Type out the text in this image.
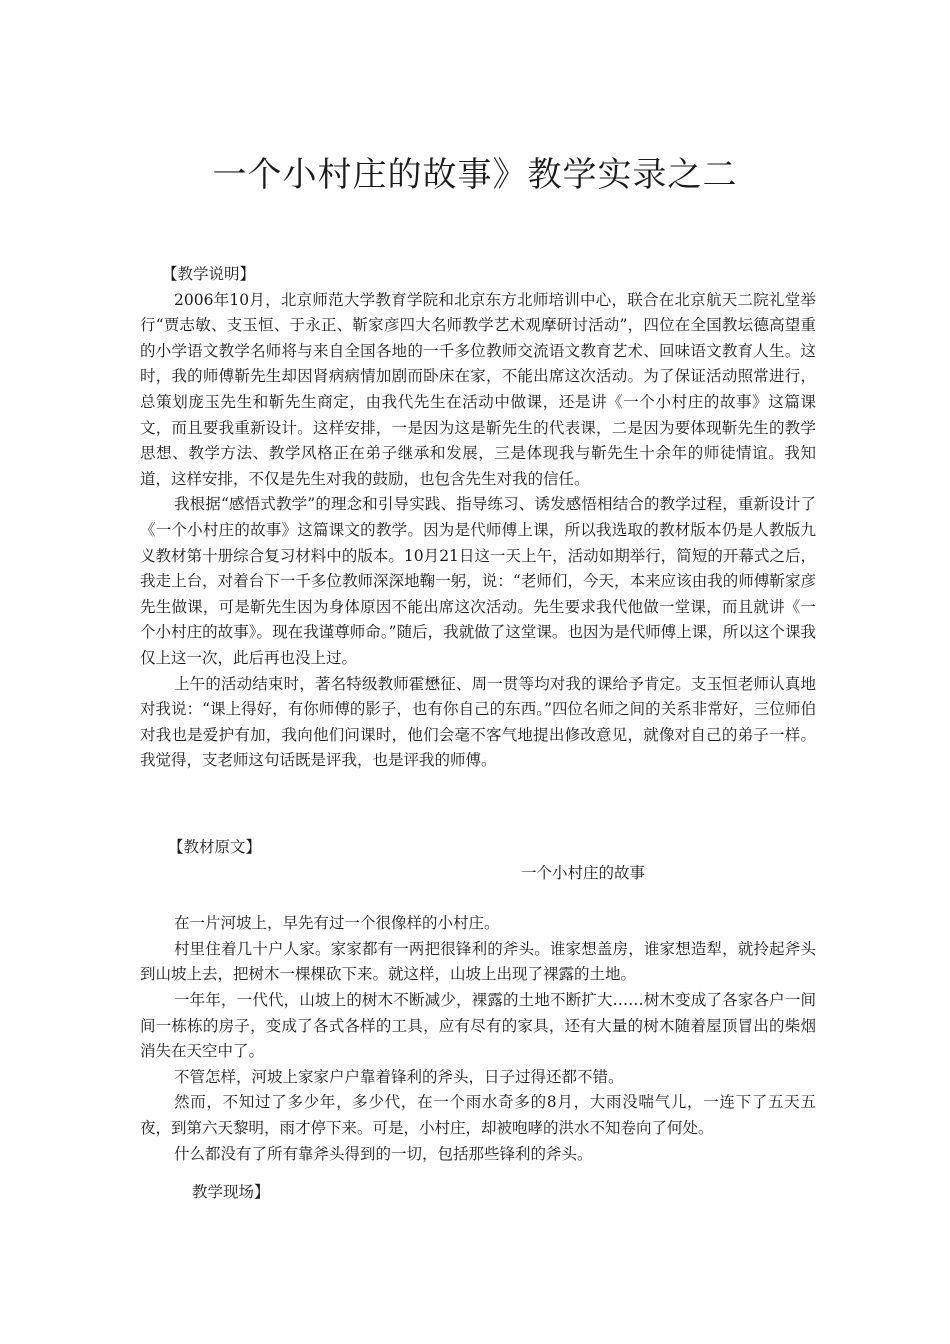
一个小村庄的故事》教学实录之二

【教学说明】

2006年10月，北京师范大学教育学院和北京东方北师培训中心，联合在北京航天二院礼堂举行“贾志敏、支玉恒、于永正、靳家彦四大名师教学艺术观摩研讨活动”，四位在全国教坛德高望重的小学语文教学名师将与来自全国各地的一千多位教师交流语文教育艺术、回味语文教育人生。这时，我的师傅靳先生却因肾病病情加剧而卧床在家，不能出席这次活动。为了保证活动照常进行，总策划庞玉先生和靳先生商定，由我代先生在活动中做课，还是讲《一个小村庄的故事》这篇课文，而且要我重新设计。这样安排，一是因为这是靳先生的代表课，二是因为要体现靳先生的教学思想、教学方法、教学风格正在弟子继承和发展，三是体现我与靳先生十余年的师徒情谊。我知道，这样安排，不仅是先生对我的鼓励，也包含先生对我的信任。

我根据“感悟式教学”的理念和引导实践、指导练习、诱发感悟相结合的教学过程，重新设计了《一个小村庄的故事》这篇课文的教学。因为是代师傅上课，所以我选取的教材版本仍是人教版九义教材第十册综合复习材料中的版本。10月21日这一天上午，活动如期举行，简短的开幕式之后，我走上台，对着台下一千多位教师深深地鞠一躬，说：“老师们，今天，本来应该由我的师傅靳家彦先生做课，可是靳先生因为身体原因不能出席这次活动。先生要求我代他做一堂课，而且就讲《一个小村庄的故事》。现在我谨尊师命。”随后，我就做了这堂课。也因为是代师傅上课，所以这个课我仅上这一次，此后再也没上过。

上午的活动结束时，著名特级教师霍懋征、周一贯等均对我的课给予肯定。支玉恒老师认真地对我说：“课上得好，有你师傅的影子，也有你自己的东西。”四位名师之间的关系非常好，三位师伯对我也是爱护有加，我向他们问课时，他们会毫不客气地提出修改意见，就像对自己的弟子一样。我觉得，支老师这句话既是评我，也是评我的师傅。

【教材原文】

一个小村庄的故事

在一片河坡上，早先有过一个很像样的小村庄。

村里住着几十户人家。家家都有一两把很锋利的斧头。谁家想盖房，谁家想造犁，就拎起斧头到山坡上去，把树木一棵棵砍下来。就这样，山坡上出现了裸露的土地。

一年年，一代代，山坡上的树木不断减少，裸露的土地不断扩大……树木变成了各家各户一间间一栋栋的房子，变成了各式各样的工具，应有尽有的家具，还有大量的树木随着屋顶冒出的柴烟消失在天空中了。

不管怎样，河坡上家家户户靠着锋利的斧头，日子过得还都不错。

然而，不知过了多少年，多少代，在一个雨水奇多的8月，大雨没喘气儿，一连下了五天五夜，到第六天黎明，雨才停下来。可是，小村庄，却被咆哮的洪水不知卷向了何处。

什么都没有了所有靠斧头得到的一切，包括那些锋利的斧头。

教学现场】
